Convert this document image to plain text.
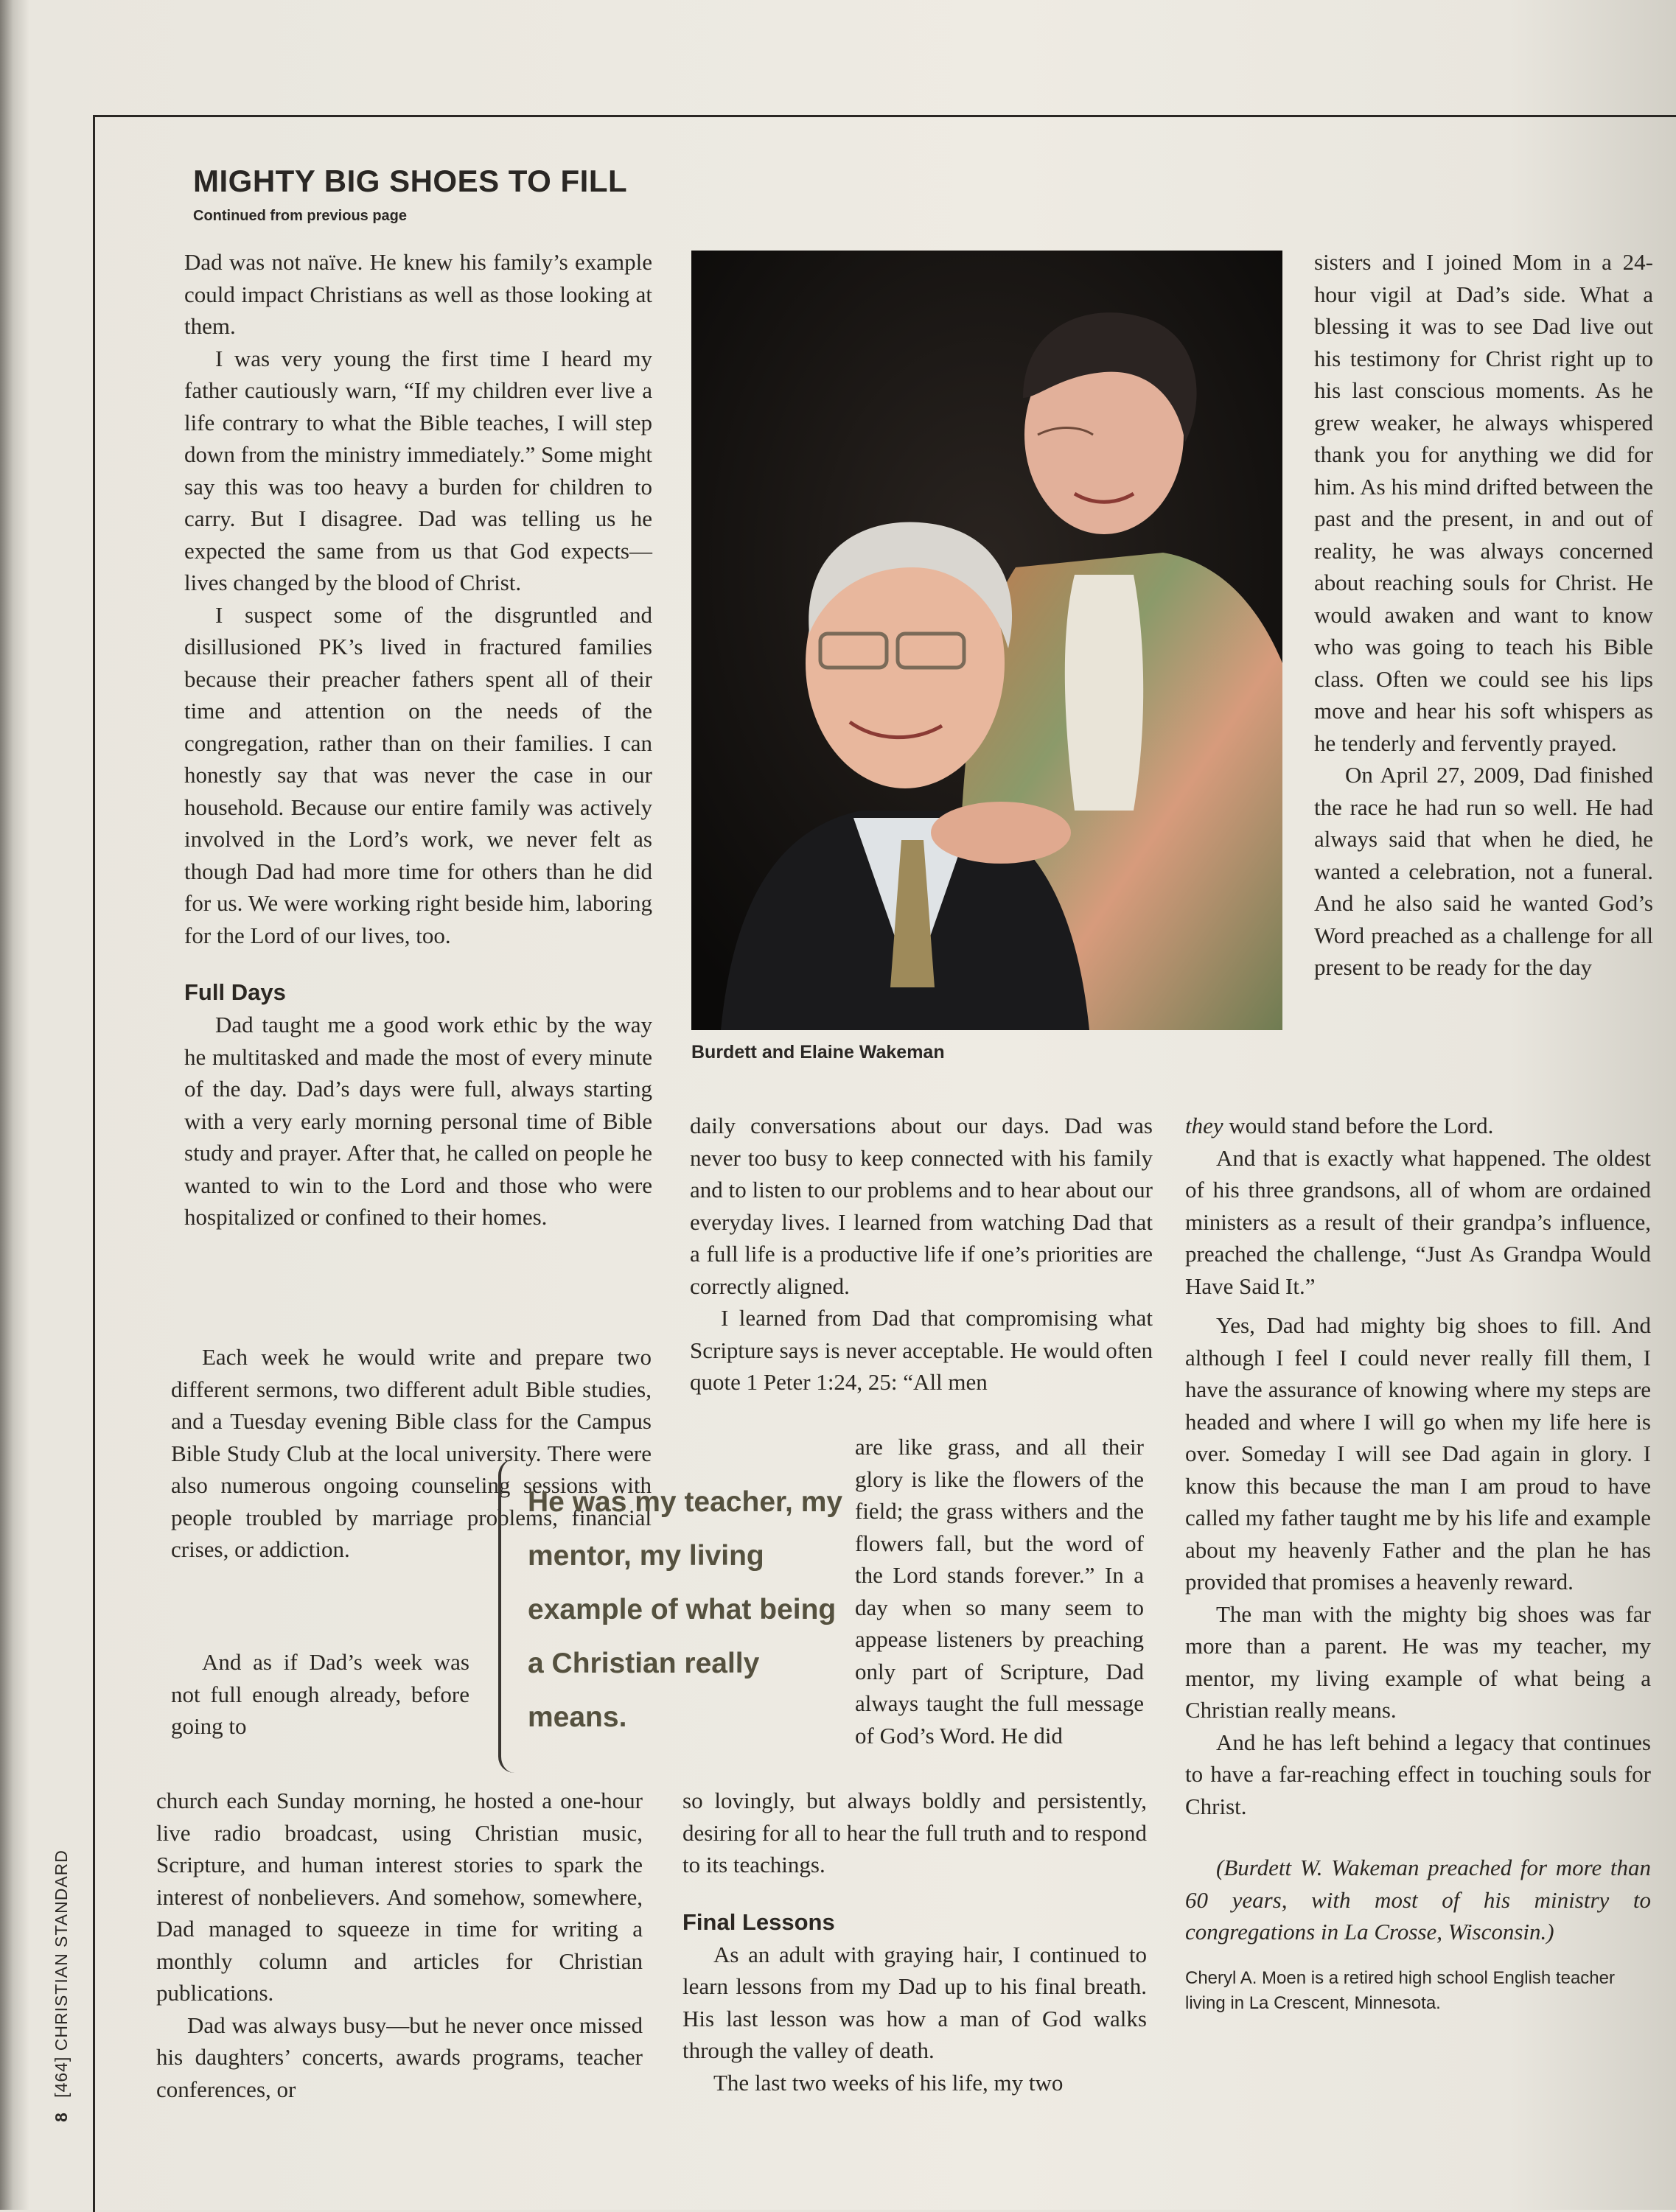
MIGHTY BIG SHOES TO FILL
Continued from previous page

Dad was not naïve. He knew his family’s example could impact Christians as well as those looking at them.

I was very young the first time I heard my father cautiously warn, “If my children ever live a life contrary to what the Bible teaches, I will step down from the ministry immediately.” Some might say this was too heavy a burden for children to carry. But I disagree. Dad was telling us he expected the same from us that God expects—lives changed by the blood of Christ.

I suspect some of the disgruntled and disillusioned PK’s lived in fractured families because their preacher fathers spent all of their time and attention on the needs of the congregation, rather than on their families. I can honestly say that was never the case in our household. Because our entire family was actively involved in the Lord’s work, we never felt as though Dad had more time for others than he did for us. We were working right beside him, laboring for the Lord of our lives, too.

Full Days

Dad taught me a good work ethic by the way he multitasked and made the most of every minute of the day. Dad’s days were full, always starting with a very early morning personal time of Bible study and prayer. After that, he called on people he wanted to win to the Lord and those who were hospitalized or confined to their homes.

Each week he would write and prepare two different sermons, two different adult Bible studies, and a Tuesday evening Bible class for the Campus Bible Study Club at the local university. There were also numerous ongoing counseling sessions with people troubled by marriage problems, financial crises, or addiction.

And as if Dad’s week was not full enough already, before going to

church each Sunday morning, he hosted a one-hour live radio broadcast, using Christian music, Scripture, and human interest stories to spark the interest of nonbelievers. And somehow, somewhere, Dad managed to squeeze in time for writing a monthly column and articles for Christian publications.

Dad was always busy—but he never once missed his daughters’ concerts, awards programs, teacher conferences, or

Burdett and Elaine Wakeman

daily conversations about our days. Dad was never too busy to keep connected with his family and to listen to our problems and to hear about our everyday lives. I learned from watching Dad that a full life is a productive life if one’s priorities are correctly aligned.

I learned from Dad that compromising what Scripture says is never acceptable. He would often quote 1 Peter 1:24, 25: “All men

are like grass, and all their glory is like the flowers of the field; the grass withers and the flowers fall, but the word of the Lord stands forever.” In a day when so many seem to appease listeners by preaching only part of Scripture, Dad always taught the full message of God’s Word. He did

so lovingly, but always boldly and persistently, desiring for all to hear the full truth and to respond to its teachings.

Final Lessons

As an adult with graying hair, I continued to learn lessons from my Dad up to his final breath. His last lesson was how a man of God walks through the valley of death.

The last two weeks of his life, my two

He was my teacher, my mentor, my living example of what being a Christian really means.

sisters and I joined Mom in a 24-hour vigil at Dad’s side. What a blessing it was to see Dad live out his testimony for Christ right up to his last conscious moments. As he grew weaker, he always whispered thank you for anything we did for him. As his mind drifted between the past and the present, in and out of reality, he was always concerned about reaching souls for Christ. He would awaken and want to know who was going to teach his Bible class. Often we could see his lips move and hear his soft whispers as he tenderly and fervently prayed.

On April 27, 2009, Dad finished the race he had run so well. He had always said that when he died, he wanted a celebration, not a funeral. And he also said he wanted God’s Word preached as a challenge for all present to be ready for the day

they would stand before the Lord.

And that is exactly what happened. The oldest of his three grandsons, all of whom are ordained ministers as a result of their grandpa’s influence, preached the challenge, “Just As Grandpa Would Have Said It.”

Yes, Dad had mighty big shoes to fill. And although I feel I could never really fill them, I have the assurance of knowing where my steps are headed and where I will go when my life here is over. Someday I will see Dad again in glory. I know this because the man I am proud to have called my father taught me by his life and example about my heavenly Father and the plan he has provided that promises a heavenly reward.

The man with the mighty big shoes was far more than a parent. He was my teacher, my mentor, my living example of what being a Christian really means.

And he has left behind a legacy that continues to have a far-reaching effect in touching souls for Christ.

(Burdett W. Wakeman preached for more than 60 years, with most of his ministry to congregations in La Crosse, Wisconsin.)

Cheryl A. Moen is a retired high school English teacher living in La Crescent, Minnesota.
8 [464] CHRISTIAN STANDARD
